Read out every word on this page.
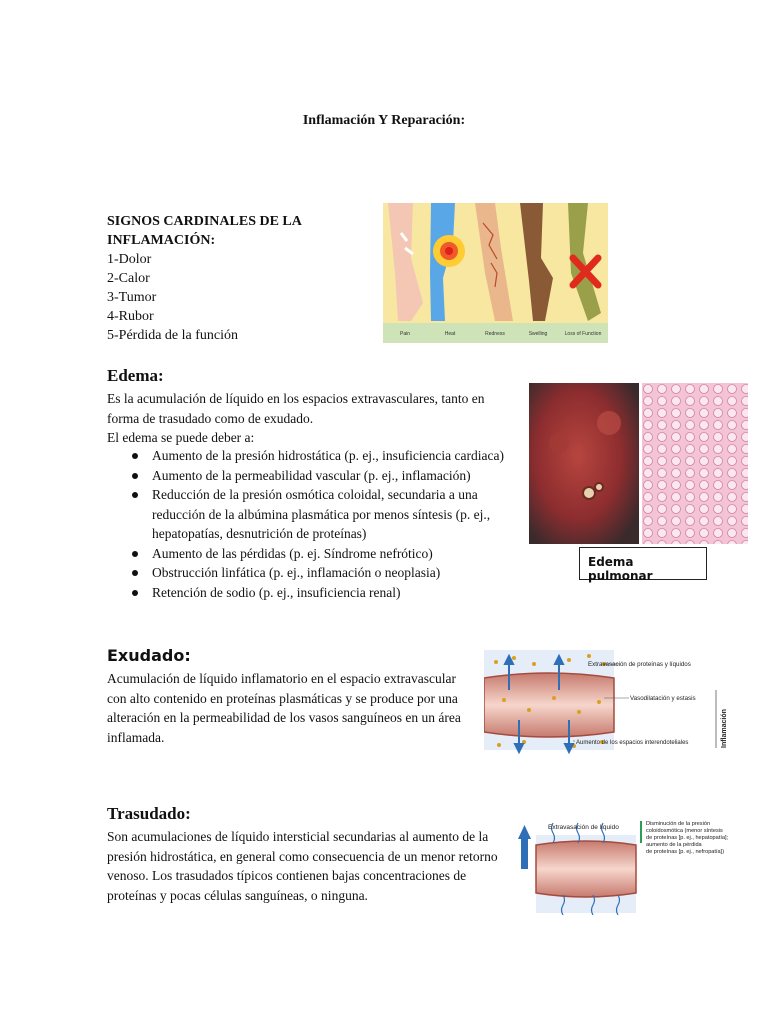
Inflamación Y Reparación:
SIGNOS CARDINALES DE LA
INFLAMACIÓN:
1-Dolor
2-Calor
3-Tumor
4-Rubor
5-Pérdida de la función	Pain	Heat	Redness	Swelling	Loss of Function
Edema:
Es la acumulación de líquido en los espacios extravasculares, tanto en forma de trasudado como de exudado.
El edema se puede deber a:
Aumento de la presión hidrostática (p. ej., insuficiencia cardiaca)
Aumento de la permeabilidad vascular (p. ej., inflamación)
Reducción de la presión osmótica coloidal, secundaria a una reducción de la albúmina plasmática por menos síntesis (p. ej., hepatopatías, desnutrición de proteínas)
Aumento de las pérdidas (p. ej. Síndrome nefrótico)
Obstrucción linfática (p. ej., inflamación o neoplasia)
Retención de sodio (p. ej., insuficiencia renal)
Edema pulmonar
Exudado:
Acumulación de líquido inflamatorio en el espacio extravascular con alto contenido en proteínas plasmáticas y se produce por una alteración en la permeabilidad de los vasos sanguíneos en un área inflamada.
Extravasación de proteínas y líquidos
Vasodilatación y estasis
Aumento de los espacios interendoteliales	Inflamación
Trasudado:
Son acumulaciones de líquido intersticial secundarias al aumento de la presión hidrostática, en general como consecuencia de un menor retorno venoso. Los trasudados típicos contienen bajas concentraciones de proteínas y pocas células sanguíneas, o ninguna.
Extravasación de líquido	Disminución de la presión
coloidosmótica (menor síntesis
de proteínas [p. ej., hepatopatía];
aumento de la pérdida
de proteínas [p. ej., nefropatía])
